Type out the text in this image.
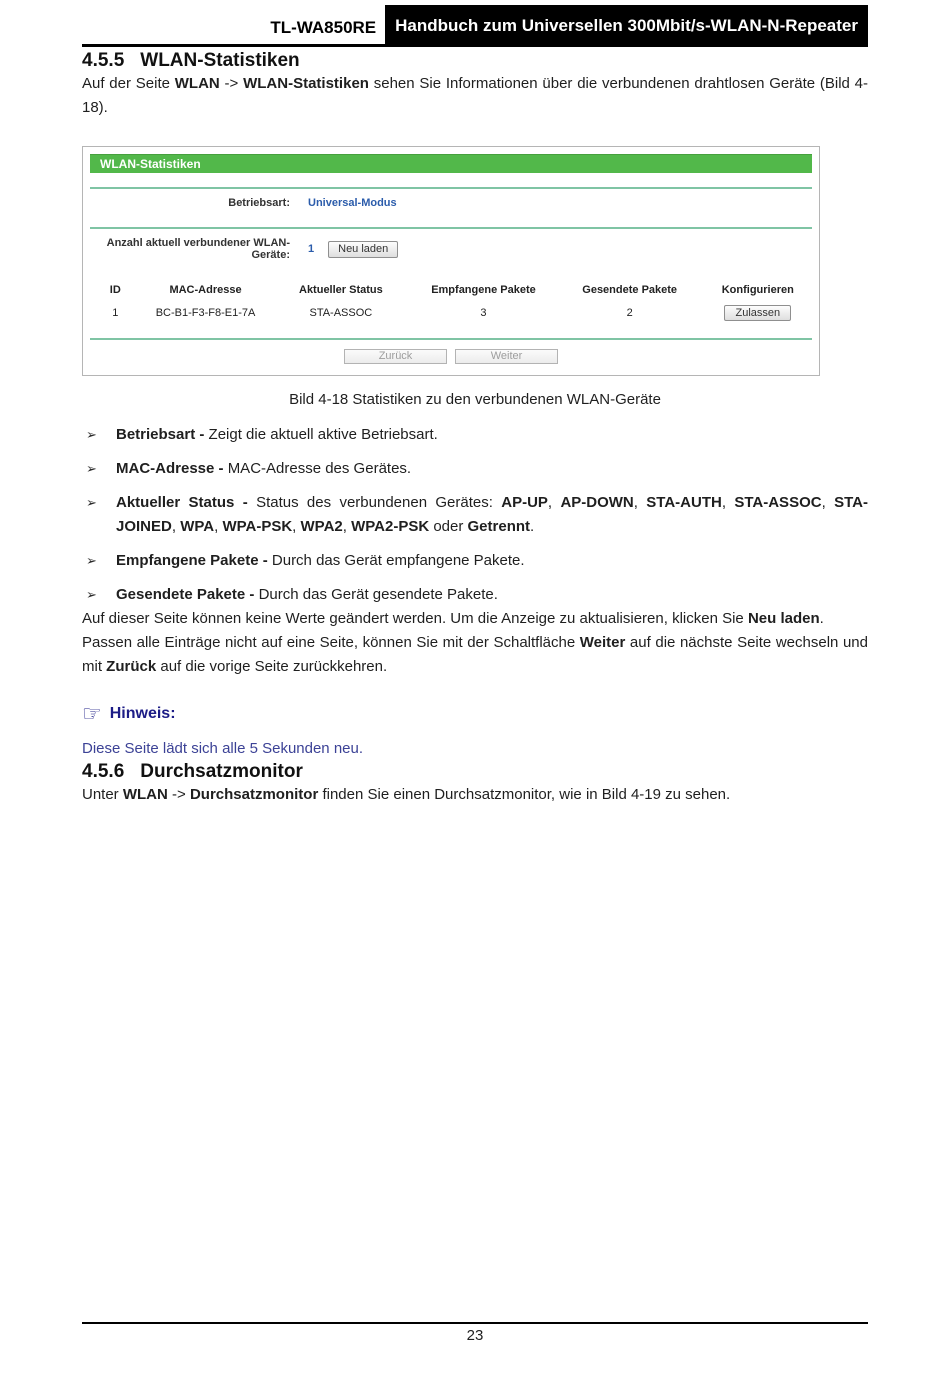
TL-WA850RE	Handbuch zum Universellen 300Mbit/s-WLAN-N-Repeater
4.5.5 WLAN-Statistiken

Auf der Seite WLAN -> WLAN-Statistiken sehen Sie Informationen über die verbundenen drahtlosen Geräte (Bild 4-18).

WLAN-Statistiken
Betriebsart: Universal-Modus
Anzahl aktuell verbundener WLAN-Geräte: 1	Neu laden
ID	MAC-Adresse	Aktueller Status	Empfangene Pakete	Gesendete Pakete	Konfigurieren
1	BC-B1-F3-F8-E1-7A	STA-ASSOC	3	2	Zulassen
Zurück	Weiter

Bild 4-18 Statistiken zu den verbundenen WLAN-Geräte

➢	Betriebsart - Zeigt die aktuell aktive Betriebsart.
➢	MAC-Adresse - MAC-Adresse des Gerätes.
➢	Aktueller Status - Status des verbundenen Gerätes: AP-UP, AP-DOWN, STA-AUTH, STA-ASSOC, STA-JOINED, WPA, WPA-PSK, WPA2, WPA2-PSK oder Getrennt.
➢	Empfangene Pakete - Durch das Gerät empfangene Pakete.
➢	Gesendete Pakete - Durch das Gerät gesendete Pakete.

Auf dieser Seite können keine Werte geändert werden. Um die Anzeige zu aktualisieren, klicken Sie Neu laden.

Passen alle Einträge nicht auf eine Seite, können Sie mit der Schaltfläche Weiter auf die nächste Seite wechseln und mit Zurück auf die vorige Seite zurückkehren.

☞ Hinweis:

Diese Seite lädt sich alle 5 Sekunden neu.

4.5.6 Durchsatzmonitor

Unter WLAN -> Durchsatzmonitor finden Sie einen Durchsatzmonitor, wie in Bild 4-19 zu sehen.

23
